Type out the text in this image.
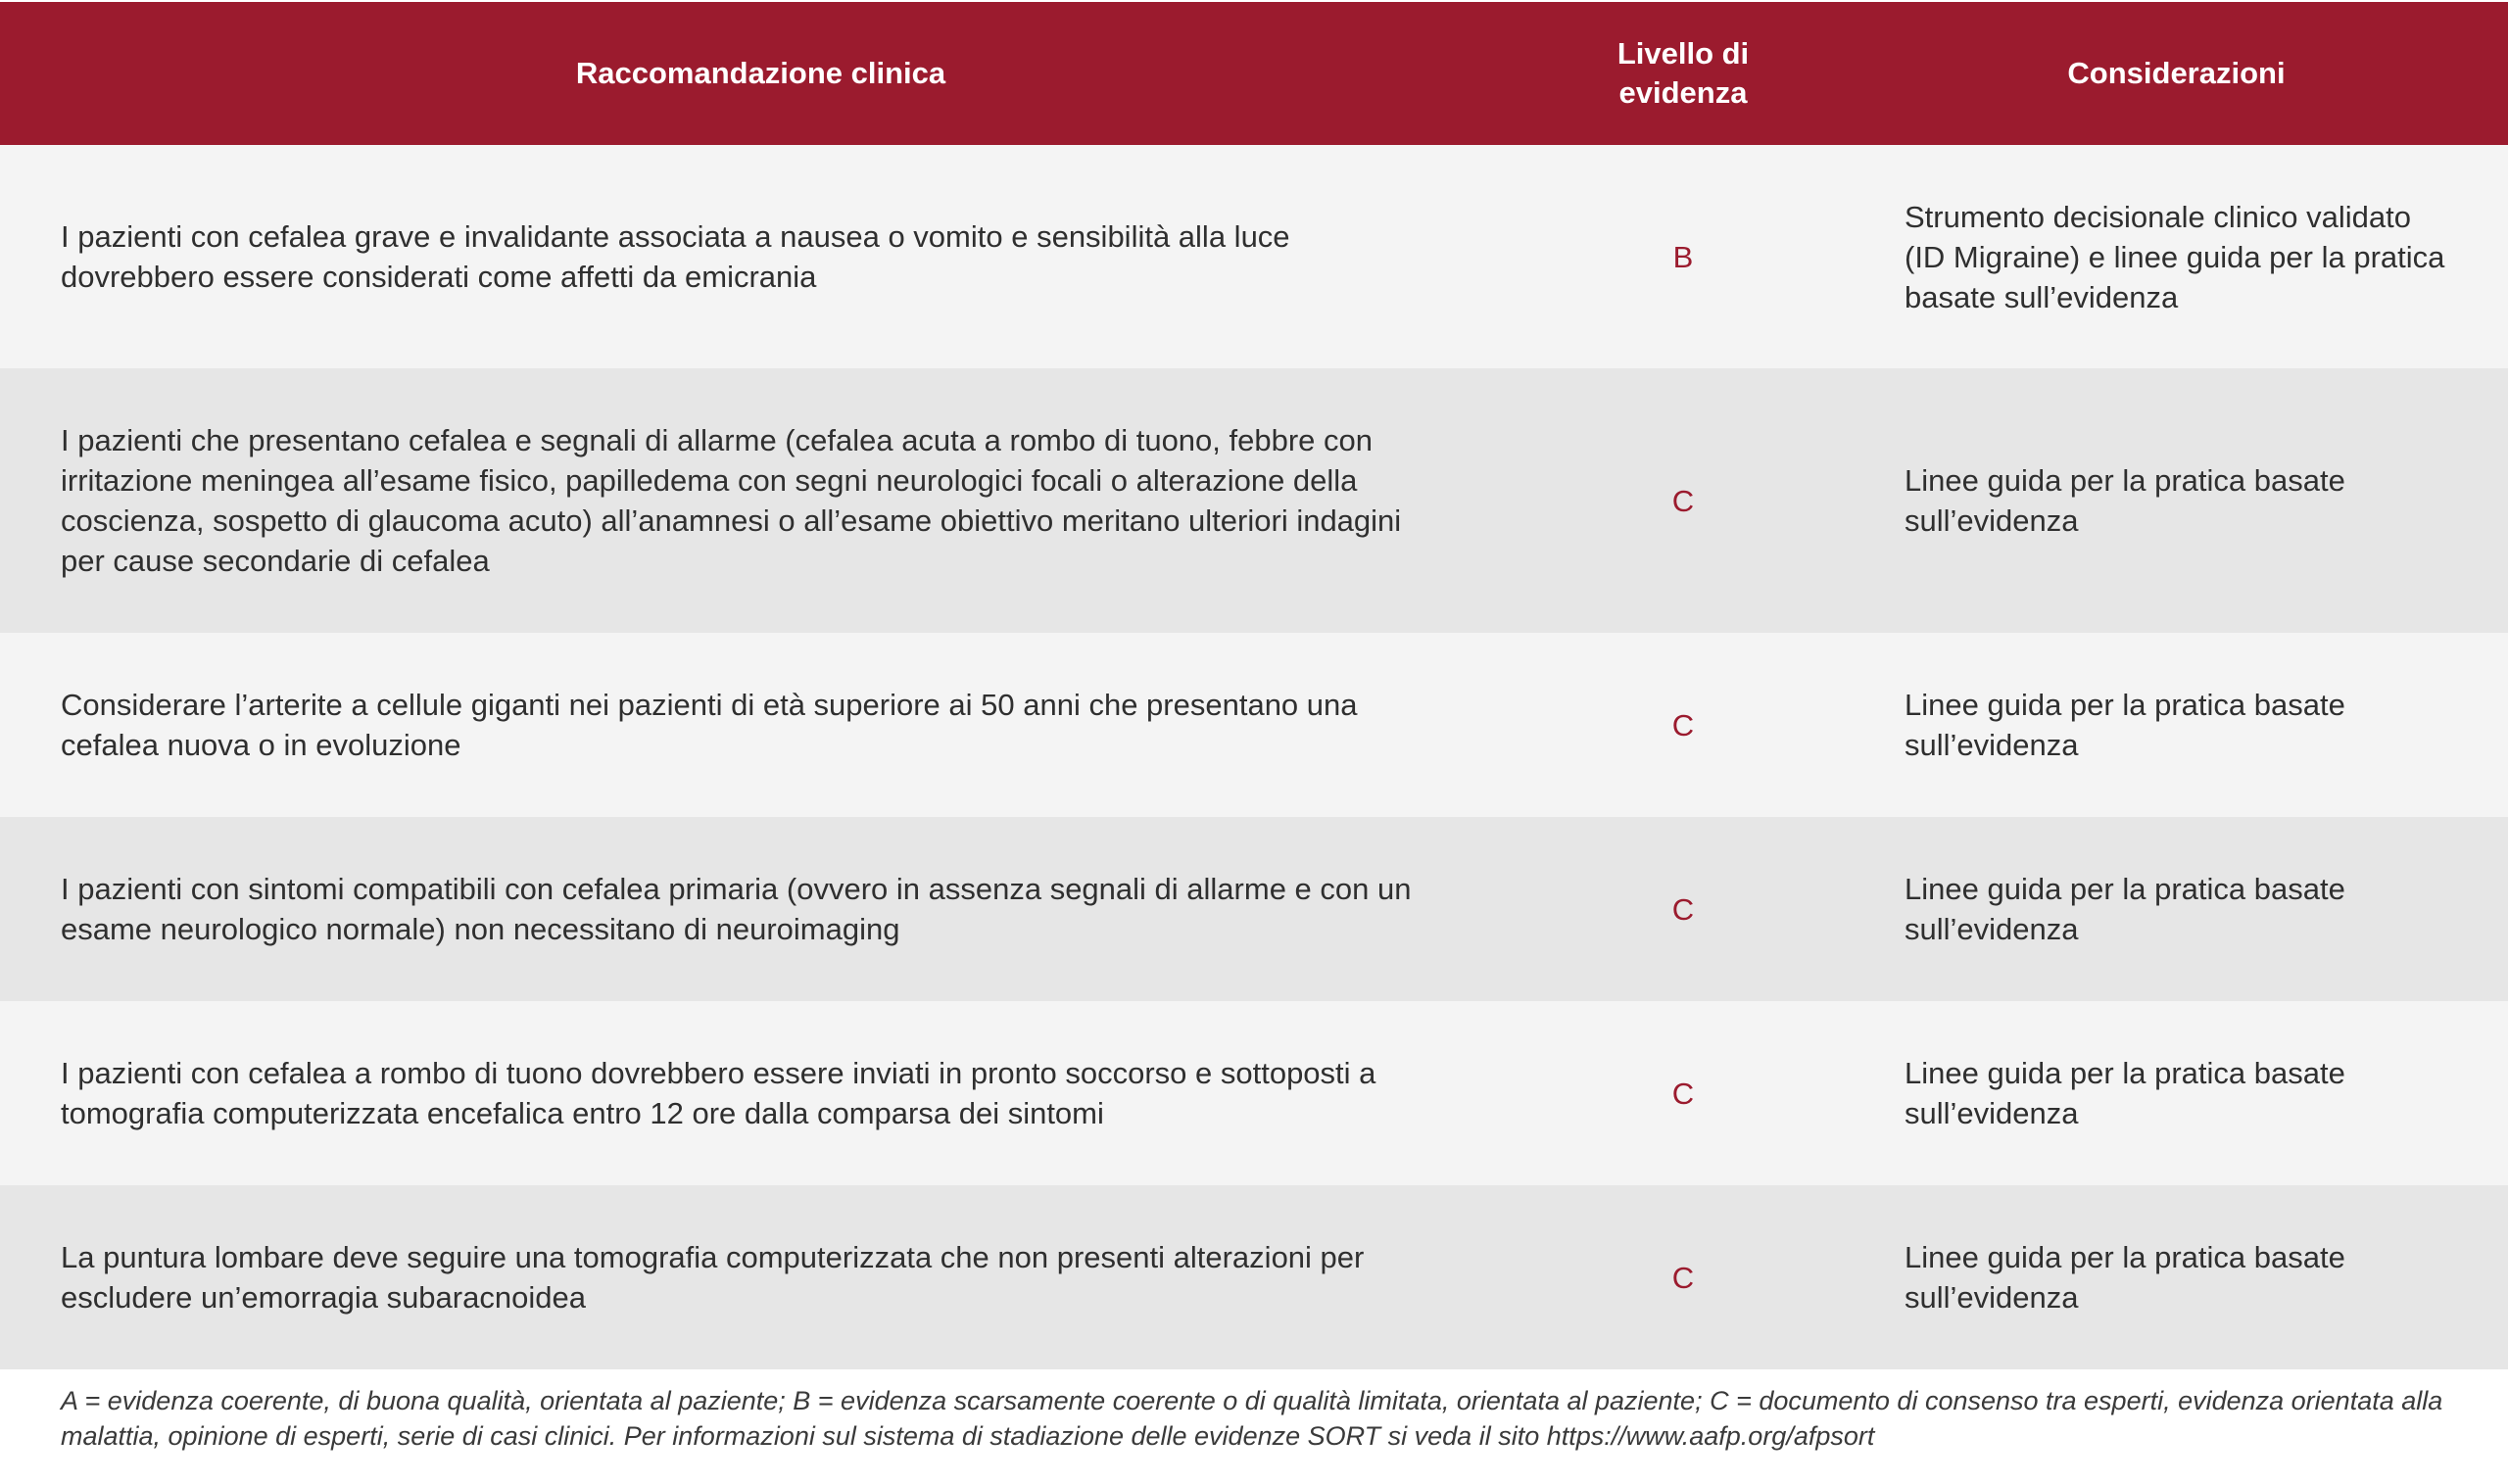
Raccomandazione clinica
Livello di
evidenza
Considerazioni
I pazienti con cefalea grave e invalidante associata a nausea o vomito e sensibilità alla luce dovrebbero essere considerati come affetti da emicrania
B
Strumento decisionale clinico validato (ID Migraine) e linee guida per la pratica basate sull’evidenza
I pazienti che presentano cefalea e segnali di allarme (cefalea acuta a rombo di tuono, febbre con irritazione meningea all’esame fisico, papilledema con segni neurologici focali o alterazione della coscienza, sospetto di glaucoma acuto) all’anamnesi o all’esame obiettivo meritano ulteriori indagini per cause secondarie di cefalea
C
Linee guida per la pratica basate sull’evidenza
Considerare l’arterite a cellule giganti nei pazienti di età superiore ai 50 anni che presentano una cefalea nuova o in evoluzione
C
Linee guida per la pratica basate sull’evidenza
I pazienti con sintomi compatibili con cefalea primaria (ovvero in assenza segnali di allarme e con un esame neurologico normale) non necessitano di neuroimaging
C
Linee guida per la pratica basate sull’evidenza
I pazienti con cefalea a rombo di tuono dovrebbero essere inviati in pronto soccorso e sottoposti a tomografia computerizzata encefalica entro 12 ore dalla comparsa dei sintomi
C
Linee guida per la pratica basate sull’evidenza
La puntura lombare deve seguire una tomografia computerizzata che non presenti alterazioni per escludere un’emorragia subaracnoidea
C
Linee guida per la pratica basate sull’evidenza
A = evidenza coerente, di buona qualità, orientata al paziente; B = evidenza scarsamente coerente o di qualità limitata, orientata al paziente; C = documento di consenso tra esperti, evidenza orientata alla malattia, opinione di esperti, serie di casi clinici. Per informazioni sul sistema di stadiazione delle evidenze SORT si veda il sito https://www.aafp.org/afpsort
